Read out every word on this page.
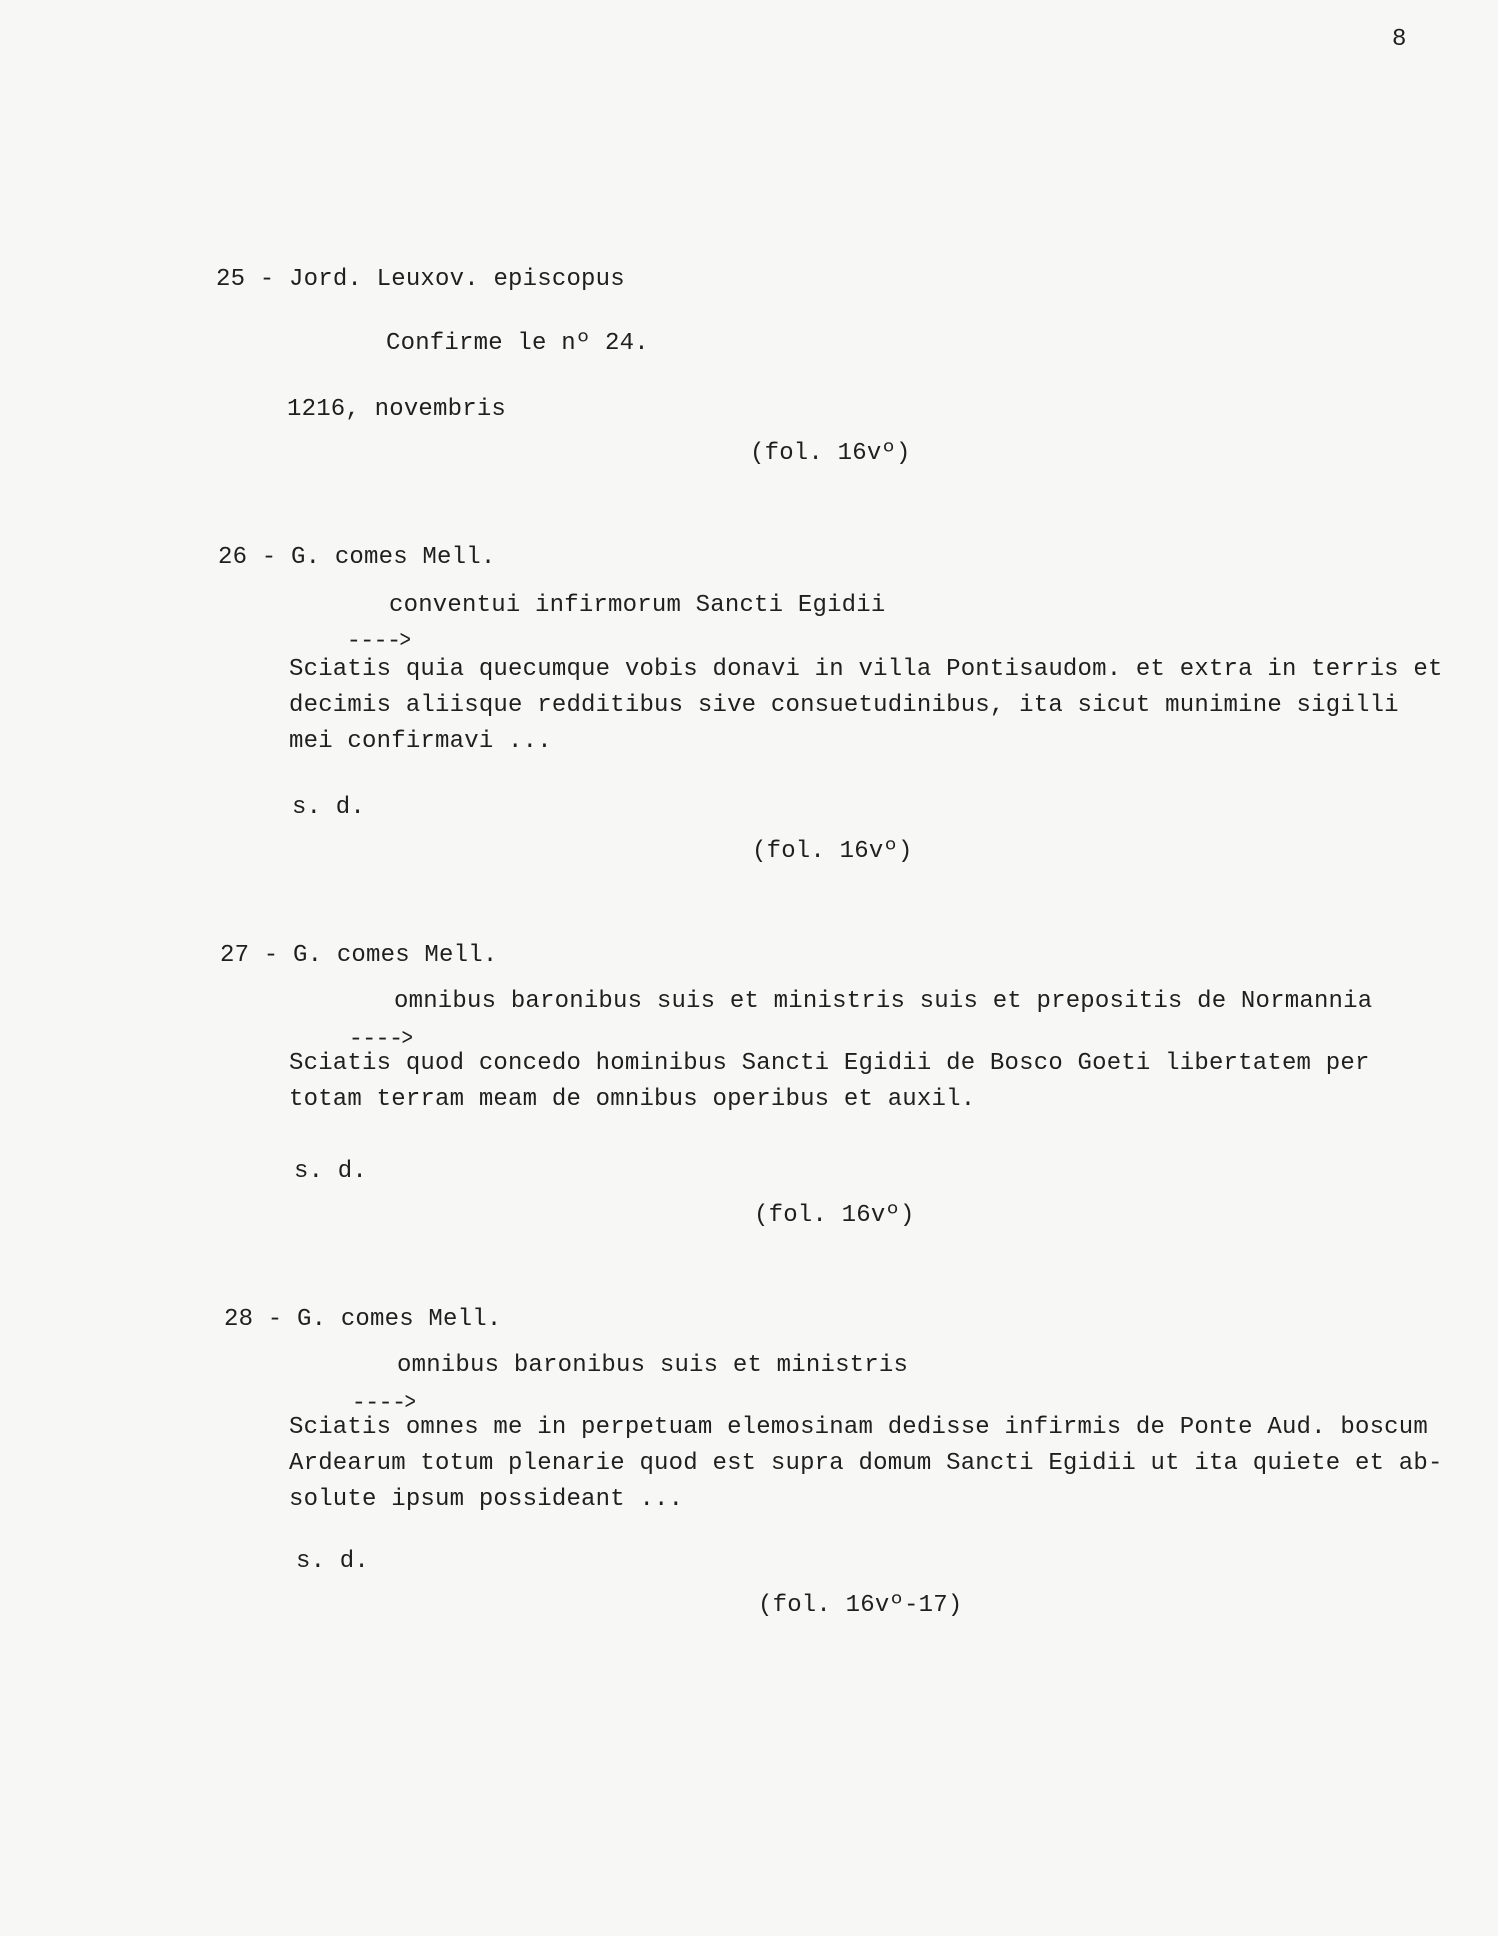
8
25 - Jord. Leuxov. episcopus
Confirme le nº 24.
1216, novembris
(fol. 16vº)
26 - G. comes Mell.

---->

conventui infirmorum Sancti Egidii
Sciatis quia quecumque vobis donavi in villa Pontisaudom. et extra in terris et decimis aliisque redditibus sive consuetudinibus, ita sicut munimine sigilli mei confirmavi ...
s. d.
(fol. 16vº)
27 - G. comes Mell.

---->

omnibus baronibus suis et ministris suis et prepositis de Normannia
Sciatis quod concedo hominibus Sancti Egidii de Bosco Goeti libertatem per totam terram meam de omnibus operibus et auxil.
s. d.
(fol. 16vº)
28 - G. comes Mell.

---->

omnibus baronibus suis et ministris
Sciatis omnes me in perpetuam elemosinam dedisse infirmis de Ponte Aud. boscum Ardearum totum plenarie quod est supra domum Sancti Egidii ut ita quiete et ab-solute ipsum possideant ...
s. d.
(fol. 16vº-17)
